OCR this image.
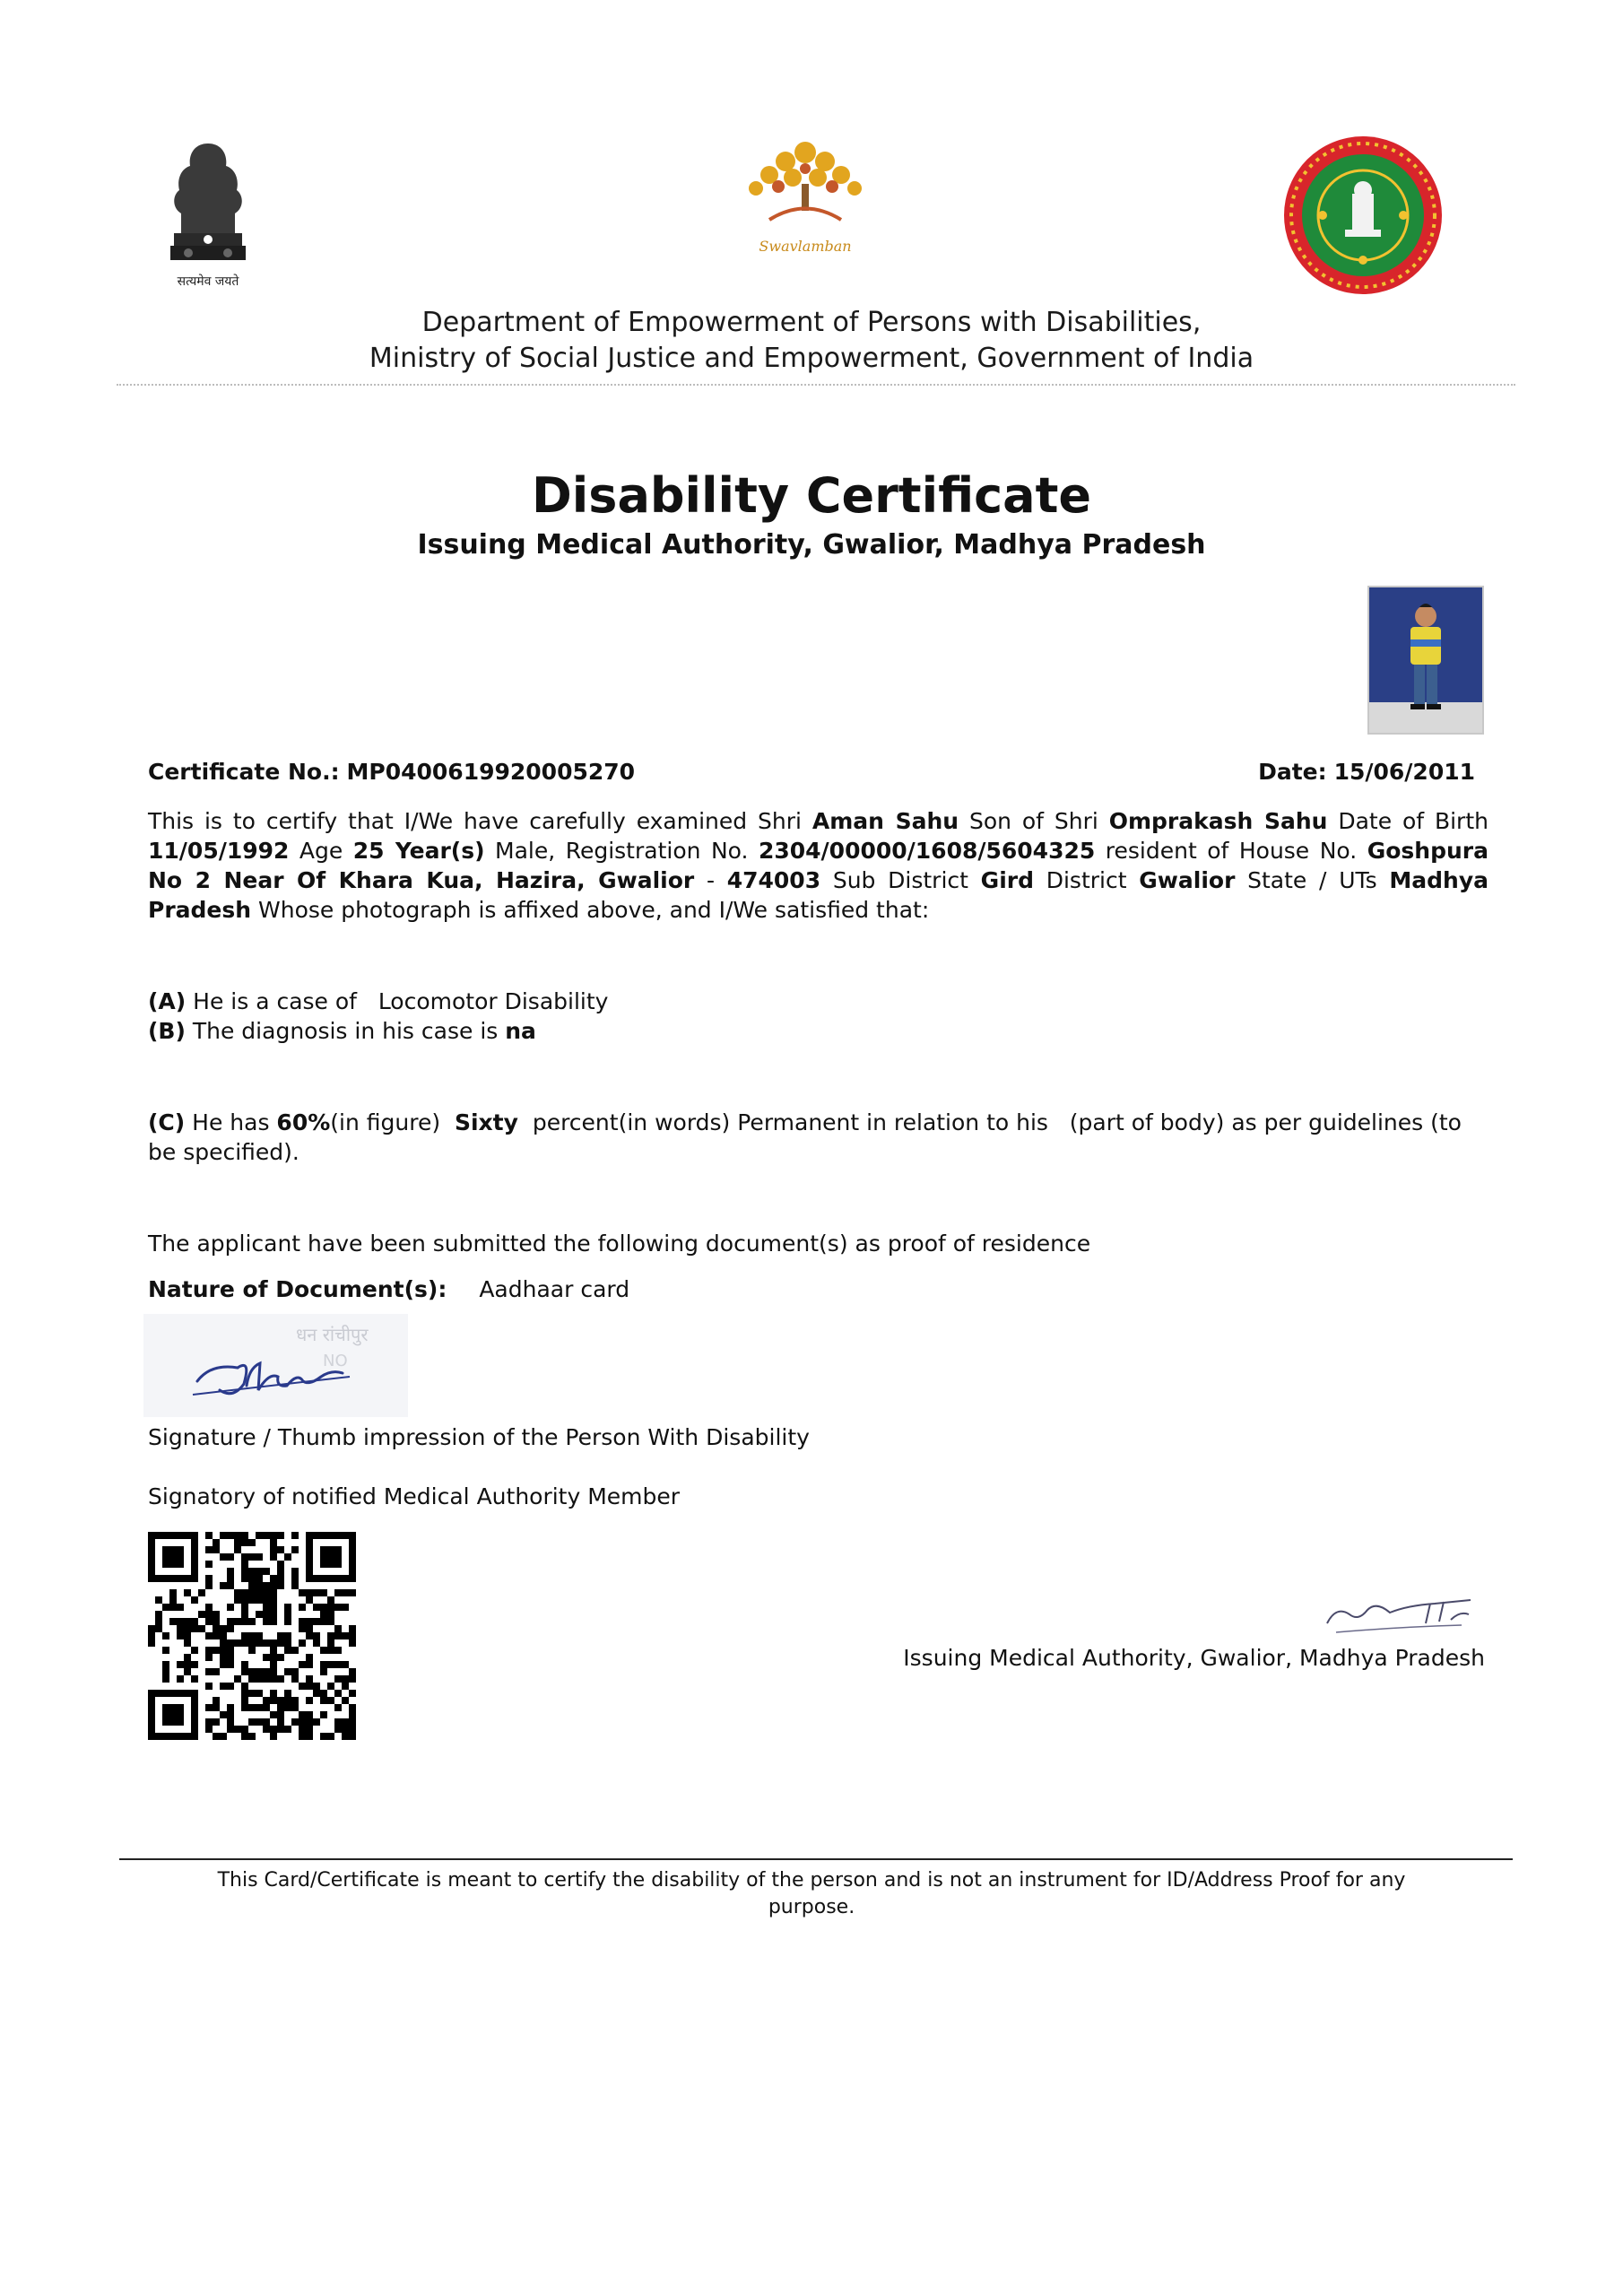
सत्यमेव जयते
Swavlamban
Department of Empowerment of Persons with Disabilities,
Ministry of Social Justice and Empowerment, Government of India
Disability Certificate
Issuing Medical Authority, Gwalior, Madhya Pradesh
Certificate No.: MP0400619920005270	Date: 15/06/2011
This is to certify that I/We have carefully examined Shri Aman Sahu Son of Shri Omprakash Sahu Date of Birth 11/05/1992 Age 25 Year(s) Male, Registration No. 2304/00000/1608/5604325 resident of House No. Goshpura No 2 Near Of Khara Kua, Hazira, Gwalior - 474003 Sub District Gird District Gwalior State / UTs Madhya Pradesh Whose photograph is affixed above, and I/We satisfied that:
(A) He is a case of   Locomotor Disability
(B) The diagnosis in his case is na
(C) He has 60%(in figure)  Sixty  percent(in words) Permanent in relation to his   (part of body) as per guidelines (to be specified).
The applicant have been submitted the following document(s) as proof of residence
Nature of Document(s): Aadhaar card
धन रांचीपुर
NO
Signature / Thumb impression of the Person With Disability
Signatory of notified Medical Authority Member
Issuing Medical Authority, Gwalior, Madhya Pradesh
This Card/Certificate is meant to certify the disability of the person and is not an instrument for ID/Address Proof for any purpose.
